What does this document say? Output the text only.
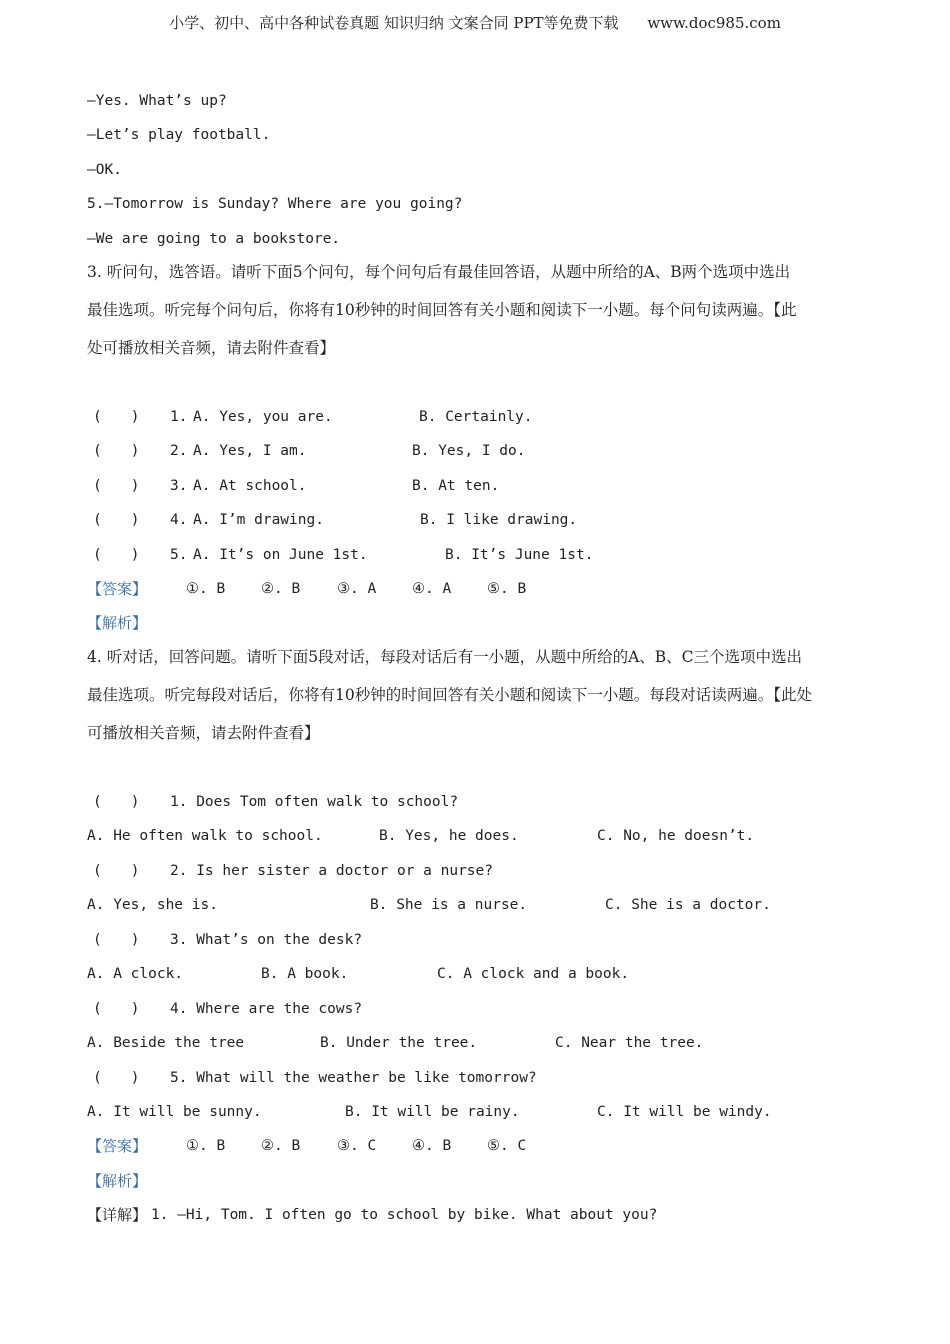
小学、初中、高中各种试卷真题 知识归纳 文案合同 PPT等免费下载 www.doc985.com
—Yes. What’s up?
—Let’s play football.
—OK.
5.—Tomorrow is Sunday? Where are you going?
—We are going to a bookstore.
3. 听问句，选答语。请听下面5个问句，每个问句后有最佳回答语，从题中所给的A、B两个选项中选出
最佳选项。听完每个问句后，你将有10秒钟的时间回答有关小题和阅读下一小题。每个问句读两遍。【此
处可播放相关音频，请去附件查看】
(　　) 1. A. Yes, you are.	B. Certainly.
(　　) 2. A. Yes, I am.	B. Yes, I do.
(　　) 3. A. At school.	B. At ten.
(　　) 4. A. I’m drawing.	B. I like drawing.
(　　) 5. A. It’s on June 1st.	B. It’s June 1st.
【答案】	①. B ②. B	③. A ④. A ⑤. B
【解析】
4. 听对话，回答问题。请听下面5段对话，每段对话后有一小题，从题中所给的A、B、C三个选项中选出
最佳选项。听完每段对话后，你将有10秒钟的时间回答有关小题和阅读下一小题。每段对话读两遍。【此处
可播放相关音频，请去附件查看】
(　　) 1. Does Tom often walk to school?
A. He often walk to school.	B. Yes, he does.	C. No, he doesn’t.
(　　) 2. Is her sister a doctor or a nurse?
A. Yes, she is.	B. She is a nurse.	C. She is a doctor.
(　　) 3. What’s on the desk?
A. A clock.	B. A book.	C. A clock and a book.
(　　) 4. Where are the cows?
A. Beside the tree	B. Under the tree.	C. Near the tree.
(　　) 5. What will the weather be like tomorrow?
A. It will be sunny.	B. It will be rainy.	C. It will be windy.
【答案】	①. B ②. B	③. C ④. B ⑤. C
【解析】
【详解】 1. —Hi, Tom. I often go to school by bike. What about you?
